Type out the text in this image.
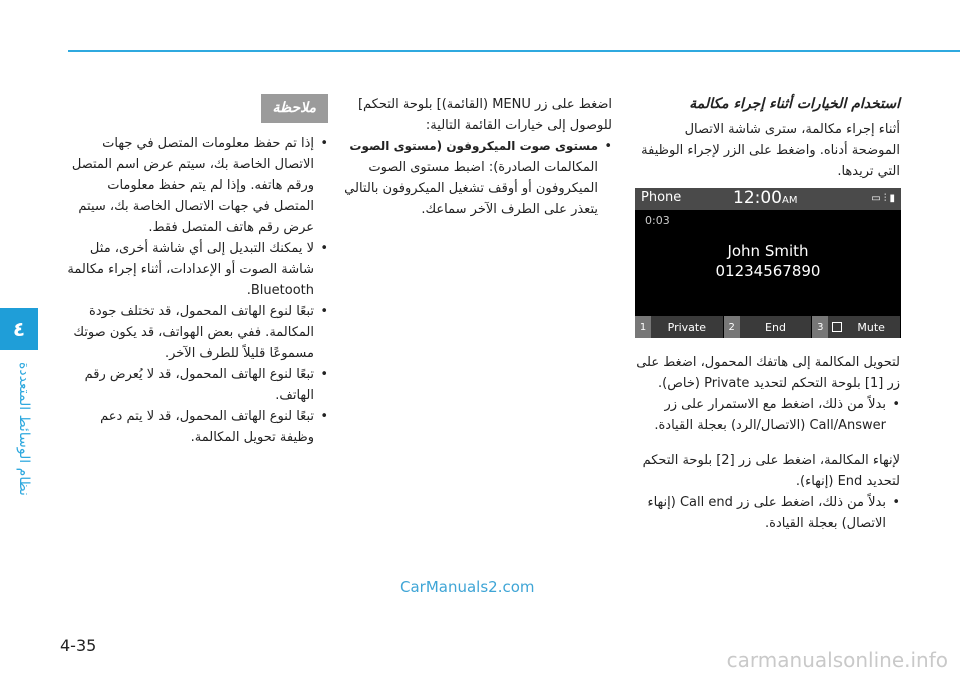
٤
نظام الوسائط المتعددة

استخدام الخيارات أثناء إجراء مكالمة

أثناء إجراء مكالمة، سترى شاشة الاتصال الموضحة أدناه. واضغط على الزر لإجراء الوظيفة التي تريدها.

Phone	12:00AM	▭ ⫶ ▮
0:03
John Smith
01234567890
1	Private	2	End	3	Mute

لتحويل المكالمة إلى هاتفك المحمول، اضغط على زر [1] بلوحة التحكم لتحديد Private (خاص).

• بدلاً من ذلك، اضغط مع الاستمرار على زر Call/Answer (الاتصال/الرد) بعجلة القيادة.

لإنهاء المكالمة، اضغط على زر [2] بلوحة التحكم لتحديد End (إنهاء).

• بدلاً من ذلك، اضغط على زر Call end (إنهاء الاتصال) بعجلة القيادة.

اضغط على زر MENU (القائمة)] بلوحة التحكم] للوصول إلى خيارات القائمة التالية:

• مستوى صوت الميكروفون (مستوى الصوت المكالمات الصادرة): اضبط مستوى الصوت الميكروفون أو أوقف تشغيل الميكروفون بالتالي يتعذر على الطرف الآخر سماعك.
ملاحظة

• إذا تم حفظ معلومات المتصل في جهات الاتصال الخاصة بك، سيتم عرض اسم المتصل ورقم هاتفه. وإذا لم يتم حفظ معلومات المتصل في جهات الاتصال الخاصة بك، سيتم عرض رقم هاتف المتصل فقط.

• لا يمكنك التبديل إلى أي شاشة أخرى، مثل شاشة الصوت أو الإعدادات، أثناء إجراء مكالمة Bluetooth.

• تبعًا لنوع الهاتف المحمول، قد تختلف جودة المكالمة. ففي بعض الهواتف، قد يكون صوتك مسموعًا قليلاً للطرف الآخر.

• تبعًا لنوع الهاتف المحمول، قد لا يُعرض رقم الهاتف.

• تبعًا لنوع الهاتف المحمول، قد لا يتم دعم وظيفة تحويل المكالمة.

CarManuals2.com
4-35
carmanualsonline.info
